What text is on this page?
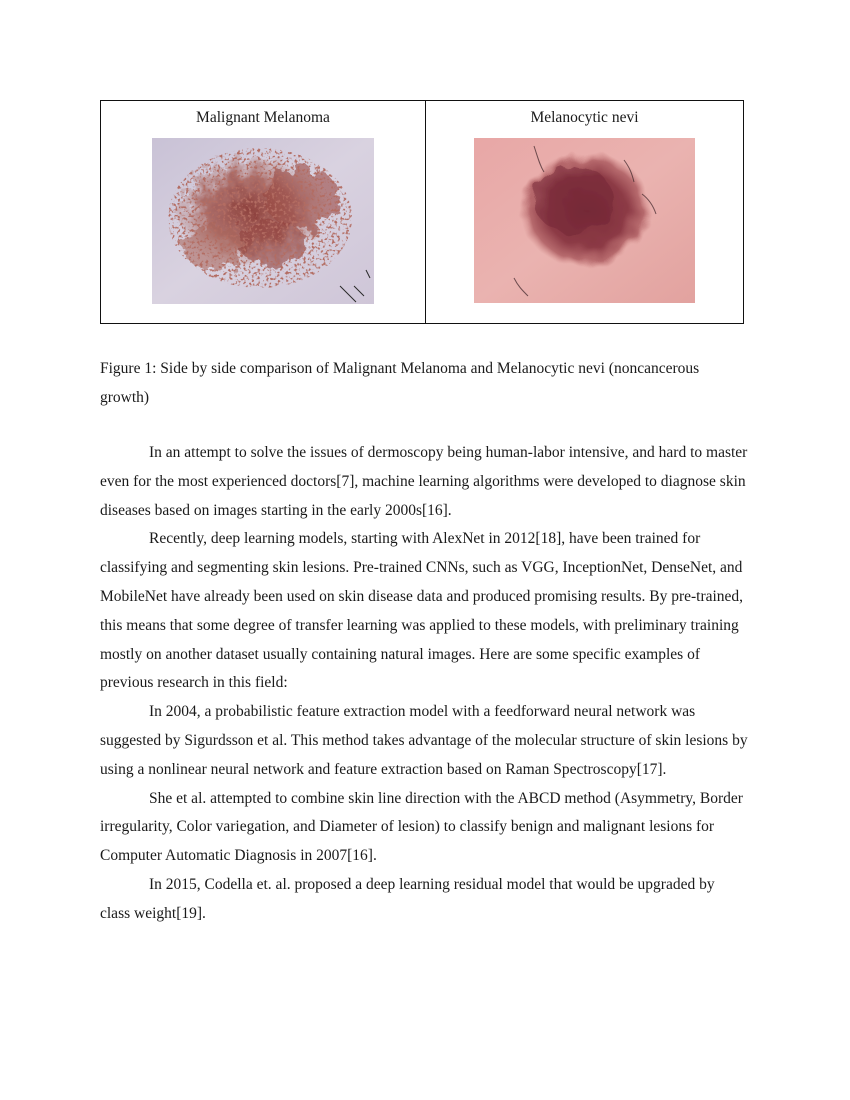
Malignant Melanoma	Melanocytic nevi
Figure 1: Side by side comparison of Malignant Melanoma and Melanocytic nevi (noncancerous growth)

In an attempt to solve the issues of dermoscopy being human-labor intensive, and hard to master even for the most experienced doctors[7], machine learning algorithms were developed to diagnose skin diseases based on images starting in the early 2000s[16].

Recently, deep learning models, starting with AlexNet in 2012[18], have been trained for classifying and segmenting skin lesions. Pre-trained CNNs, such as VGG, InceptionNet, DenseNet, and MobileNet have already been used on skin disease data and produced promising results. By pre-trained, this means that some degree of transfer learning was applied to these models, with preliminary training mostly on another dataset usually containing natural images. Here are some specific examples of previous research in this field:

In 2004, a probabilistic feature extraction model with a feedforward neural network was suggested by Sigurdsson et al. This method takes advantage of the molecular structure of skin lesions by using a nonlinear neural network and feature extraction based on Raman Spectroscopy[17].

She et al. attempted to combine skin line direction with the ABCD method (Asymmetry, Border irregularity, Color variegation, and Diameter of lesion) to classify benign and malignant lesions for Computer Automatic Diagnosis in 2007[16].

In 2015, Codella et. al. proposed a deep learning residual model that would be upgraded by class weight[19].
